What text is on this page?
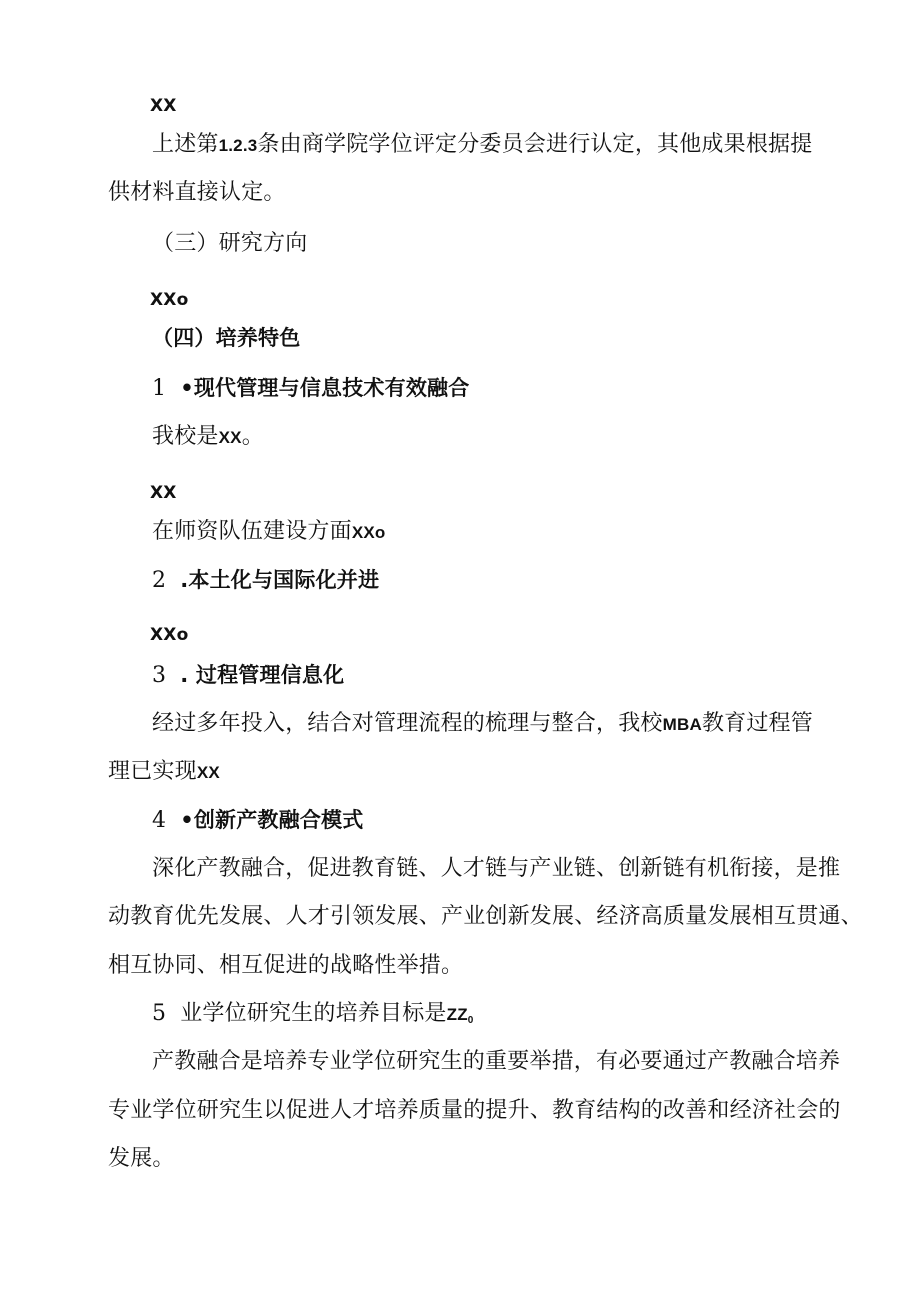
XX
上述第1.2.3条由商学院学位评定分委员会进行认定，其他成果根据提
供材料直接认定。
（三）研究方向
XXo
（四）培养特色
1 •现代管理与信息技术有效融合
我校是XX。
XX
在师资队伍建设方面XXo
2 .本土化与国际化并进
XXo
3 . 过程管理信息化
经过多年投入，结合对管理流程的梳理与整合，我校MBA教育过程管
理已实现XX
4 •创新产教融合模式
深化产教融合，促进教育链、人才链与产业链、创新链有机衔接，是推
动教育优先发展、人才引领发展、产业创新发展、经济高质量发展相互贯通、
相互协同、相互促进的战略性举措。
5 业学位研究生的培养目标是$ZZ_0$
产教融合是培养专业学位研究生的重要举措，有必要通过产教融合培养
专业学位研究生以促进人才培养质量的提升、教育结构的改善和经济社会的
发展。
